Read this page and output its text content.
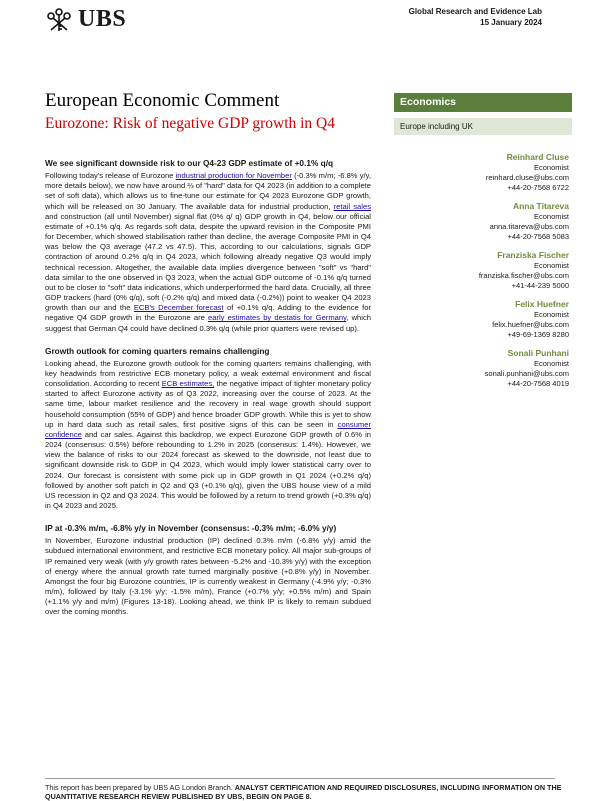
UBS	Global Research and Evidence Lab
15 January 2024
European Economic Comment
Eurozone: Risk of negative GDP growth in Q4
Economics
Europe including UK
Reinhard Cluse
Economist
reinhard.cluse@ubs.com
+44-20-7568 6722
Anna Titareva
Economist
anna.titareva@ubs.com
+44-20-7568 5083
Franziska Fischer
Economist
franziska.fischer@ubs.com
+41-44-239 5000
Felix Huefner
Economist
felix.huefner@ubs.com
+49-69-1369 8280
Sonali Punhani
Economist
sonali.punhani@ubs.com
+44-20-7568 4019
We see significant downside risk to our Q4-23 GDP estimate of +0.1% q/q

Following today's release of Eurozone industrial production for November (-0.3% m/m; -6.8% y/y, more details below), we now have around ⅔ of "hard" data for Q4 2023 (in addition to a complete set of soft data), which allows us to fine-tune our estimate for Q4 2023 Eurozone GDP growth, which will be released on 30 January. The available data for industrial production, retail sales and construction (all until November) signal flat (0% q/ q) GDP growth in Q4, below our official estimate of +0.1% q/q. As regards soft data, despite the upward revision in the Composite PMI for December, which showed stabilisation rather than decline, the average Composite PMI in Q4 was below the Q3 average (47.2 vs 47.5). This, according to our calculations, signals GDP contraction of around 0.2% q/q in Q4 2023, which following already negative Q3 would imply technical recession. Altogether, the available data implies divergence between "soft" vs "hard" data similar to the one observed in Q3 2023, when the actual GDP outcome of -0.1% q/q turned out to be closer to "soft" data indications, which underperformed the hard data. Crucially, all three GDP trackers (hard (0% q/q), soft (-0.2% q/q) and mixed data (-0.2%)) point to weaker Q4 2023 growth than our and the ECB's December forecast of +0.1% q/q. Adding to the evidence for negative Q4 GDP growth in the Eurozone are early estimates by destatis for Germany, which suggest that German Q4 could have declined 0.3% q/q (while prior quarters were revised up).

Growth outlook for coming quarters remains challenging

Looking ahead, the Eurozone growth outlook for the coming quarters remains challenging, with key headwinds from restrictive ECB monetary policy, a weak external environment and fiscal consolidation. According to recent ECB estimates, the negative impact of tighter monetary policy started to affect Eurozone activity as of Q3 2022, increasing over the course of 2023. At the same time, labour market resilience and the recovery in real wage growth should support household consumption (55% of GDP) and hence broader GDP growth. While this is yet to show up in hard data such as retail sales, first positive signs of this can be seen in consumer confidence and car sales. Against this backdrop, we expect Eurozone GDP growth of 0.6% in 2024 (consensus: 0.5%) before rebounding to 1.2% in 2025 (consensus: 1.4%). However, we view the balance of risks to our 2024 forecast as skewed to the downside, not least due to significant downside risk to GDP in Q4 2023, which would imply lower statistical carry over to 2024. Our forecast is consistent with some pick up in GDP growth in Q1 2024 (+0.2% q/q) followed by another soft patch in Q2 and Q3 (+0.1% q/q), given the UBS house view of a mild US recession in Q2 and Q3 2024. This would be followed by a return to trend growth (+0.3% q/q) in Q4 2023 and 2025.

IP at -0.3% m/m, -6.8% y/y in November (consensus: -0.3% m/m; -6.0% y/y)

In November, Eurozone industrial production (IP) declined 0.3% m/m (-6.8% y/y) amid the subdued international environment, and restrictive ECB monetary policy. All major sub-groups of IP remained very weak (with y/y growth rates between -5.2% and -10.3% y/y) with the exception of energy where the annual growth rate turned marginally positive (+0.8% y/y) in November. Amongst the four big Eurozone countries, IP is currently weakest in Germany (-4.9% y/y; -0.3% m/m), followed by Italy (-3.1% y/y; -1.5% m/m), France (+0.7% y/y; +0.5% m/m) and Spain (+1.1% y/y and m/m) (Figures 13-18). Looking ahead, we think IP is likely to remain subdued over the coming months.

This report has been prepared by UBS AG London Branch. ANALYST CERTIFICATION AND REQUIRED DISCLOSURES, INCLUDING INFORMATION ON THE QUANTITATIVE RESEARCH REVIEW PUBLISHED BY UBS, BEGIN ON PAGE 8.
